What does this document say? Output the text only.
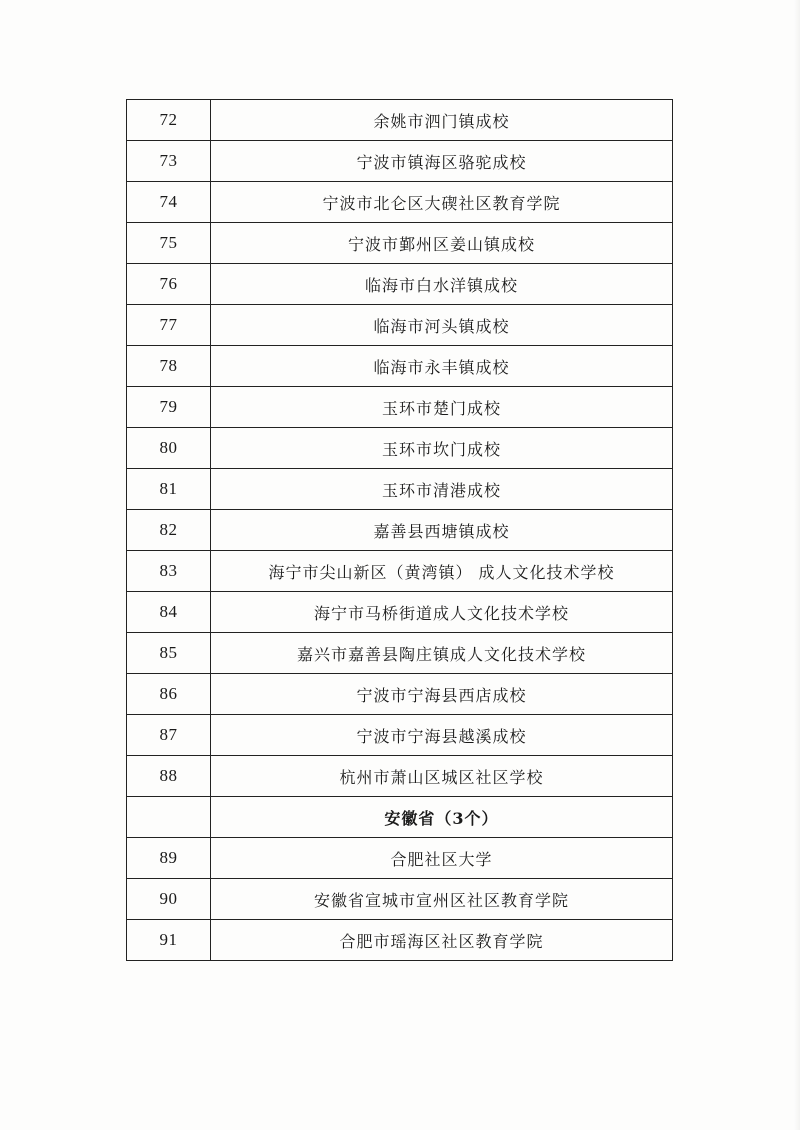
72	余姚市泗门镇成校
73	宁波市镇海区骆驼成校
74	宁波市北仑区大碶社区教育学院
75	宁波市鄞州区姜山镇成校
76	临海市白水洋镇成校
77	临海市河头镇成校
78	临海市永丰镇成校
79	玉环市楚门成校
80	玉环市坎门成校
81	玉环市清港成校
82	嘉善县西塘镇成校
83	海宁市尖山新区（黄湾镇） 成人文化技术学校
84	海宁市马桥街道成人文化技术学校
85	嘉兴市嘉善县陶庄镇成人文化技术学校
86	宁波市宁海县西店成校
87	宁波市宁海县越溪成校
88	杭州市萧山区城区社区学校
	安徽省（3个）
89	合肥社区大学
90	安徽省宣城市宣州区社区教育学院
91	合肥市瑶海区社区教育学院
